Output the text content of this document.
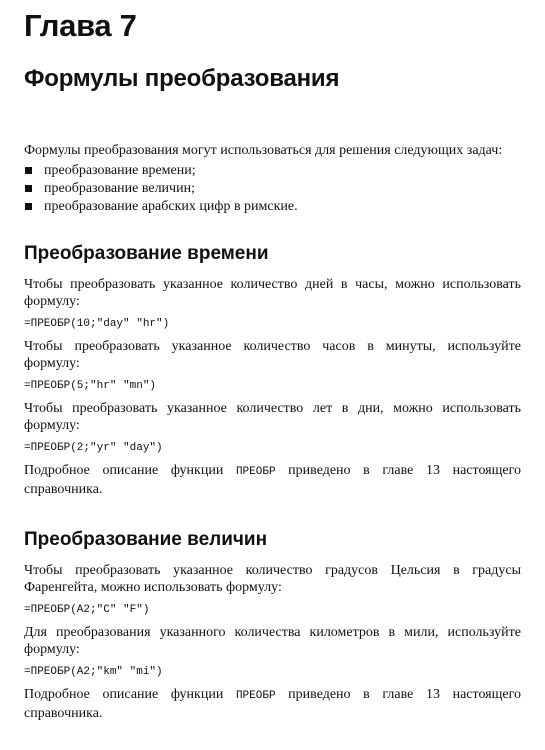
Глава 7
Формулы преобразования

Формулы преобразования могут использоваться для решения следующих задач:

преобразование времени;
преобразование величин;
преобразование арабских цифр в римские.
Преобразование времени

Чтобы преобразовать указанное количество дней в часы, можно использовать формулу:

=ПРЕОБР(10;"day" "hr")

Чтобы преобразовать указанное количество часов в минуты, используйте формулу:

=ПРЕОБР(5;"hr" "mn")

Чтобы преобразовать указанное количество лет в дни, можно использовать формулу:

=ПРЕОБР(2;"yr" "day")

Подробное описание функции ПРЕОБР приведено в главе 13 настоящего справочника.

Преобразование величин

Чтобы преобразовать указанное количество градусов Цельсия в градусы Фаренгейта, можно использовать формулу:

=ПРЕОБР(A2;"C" "F")

Для преобразования указанного количества километров в мили, используйте формулу:

=ПРЕОБР(A2;"km" "mi")

Подробное описание функции ПРЕОБР приведено в главе 13 настоящего справочника.
